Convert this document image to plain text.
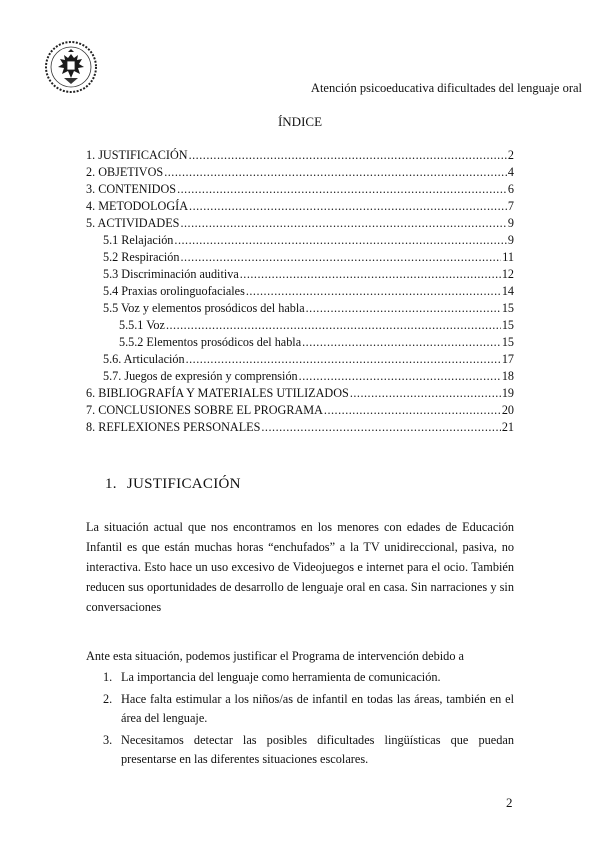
Atención psicoeducativa dificultades del lenguaje oral
ÍNDICE
1. JUSTIFICACIÓN .....	2
2. OBJETIVOS .....	4
3. CONTENIDOS .....	6
4. METODOLOGÍA .....	7
5. ACTIVIDADES .....	9
5.1 Relajación .....	9
5.2 Respiración .....	11
5.3 Discriminación auditiva .....	12
5.4 Praxias orolinguofaciales .....	14
5.5 Voz y elementos prosódicos del habla .....	15
5.5.1 Voz .....	15
5.5.2 Elementos prosódicos del habla .....	15
5.6. Articulación .....	17
5.7. Juegos de expresión y comprensión .....	18
6. BIBLIOGRAFÍA Y MATERIALES UTILIZADOS .....	19
7. CONCLUSIONES SOBRE EL PROGRAMA .....	20
8. REFLEXIONES PERSONALES .....	21
1. JUSTIFICACIÓN
La situación actual que nos encontramos en los menores con edades de Educación Infantil es que están muchas horas “enchufados” a la TV unidireccional, pasiva, no interactiva. Esto hace un uso excesivo de Videojuegos e internet para el ocio. También reducen sus oportunidades de desarrollo de lenguaje oral en casa. Sin narraciones y sin conversaciones
Ante esta situación, podemos justificar el Programa de intervención debido a
1. La importancia del lenguaje como herramienta de comunicación.
2. Hace falta estimular a los niños/as de infantil en todas las áreas, también en el área del lenguaje.
3. Necesitamos detectar las posibles dificultades lingüísticas que puedan presentarse en las diferentes situaciones escolares.
2
